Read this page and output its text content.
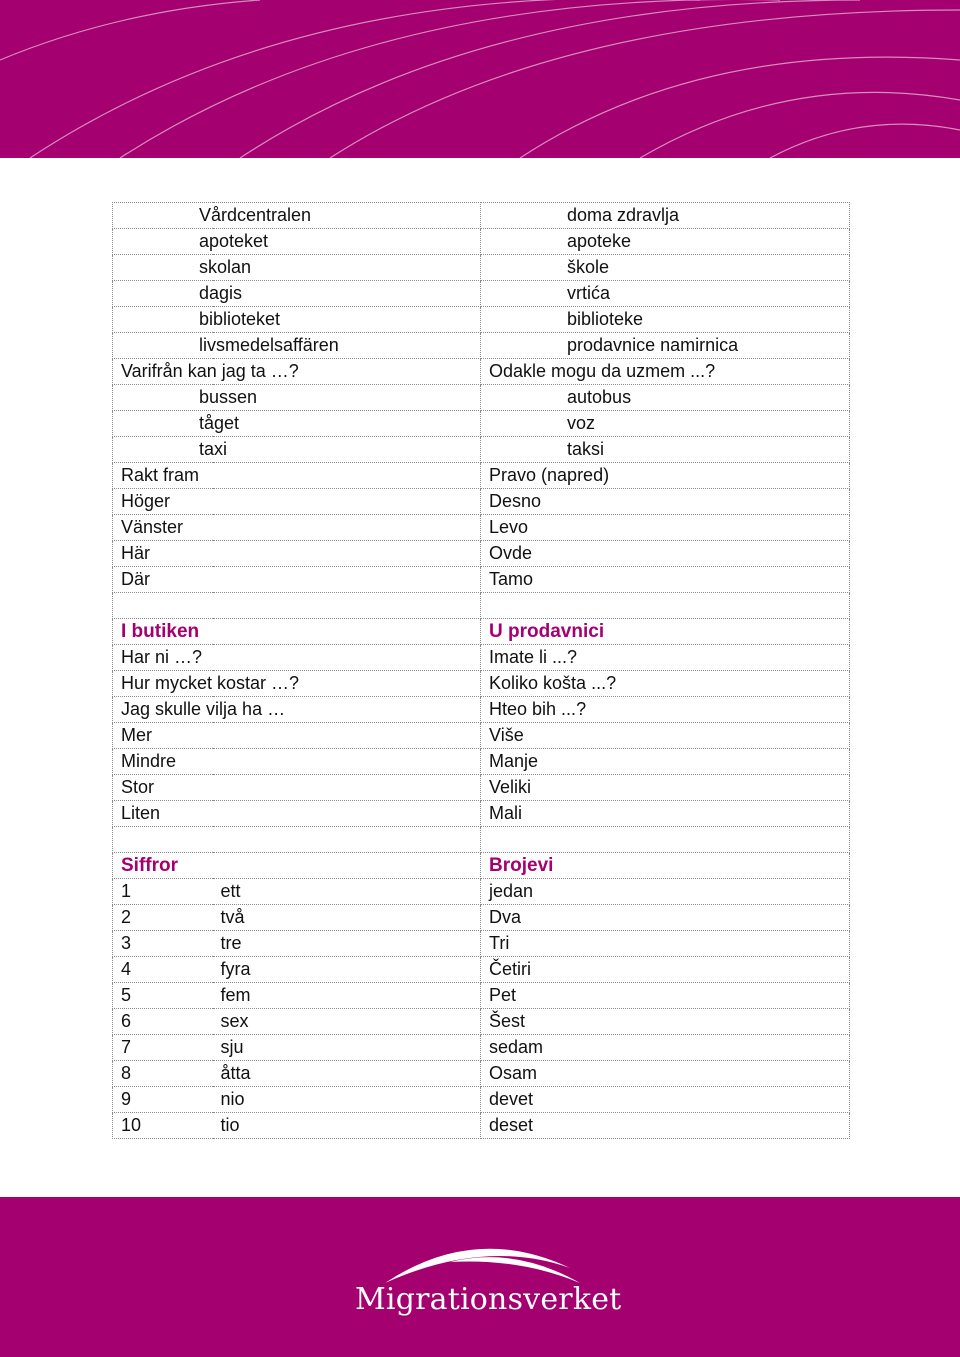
Vårdcentralen		doma zdravlja
apoteket		apoteke
skolan		škole
dagis		vrtića
biblioteket		biblioteke
livsmedelsaffären		prodavnice namirnica
Varifrån kan jag ta …?		Odakle mogu da uzmem ...?
bussen		autobus
tåget		voz
taxi		taksi
Rakt fram		Pravo (napred)
Höger		Desno
Vänster		Levo
Här		Ovde
Där		Tamo

I butiken		U prodavnici
Har ni …?		Imate li ...?
Hur mycket kostar …?		Koliko košta ...?
Jag skulle vilja ha …		Hteo bih ...?
Mer		Više
Mindre		Manje
Stor		Veliki
Liten		Mali

Siffror		Brojevi
1	ett	jedan
2	två	Dva
3	tre	Tri
4	fyra	Četiri
5	fem	Pet
6	sex	Šest
7	sju	sedam
8	åtta	Osam
9	nio	devet
10	tio	deset
Migrationsverket
